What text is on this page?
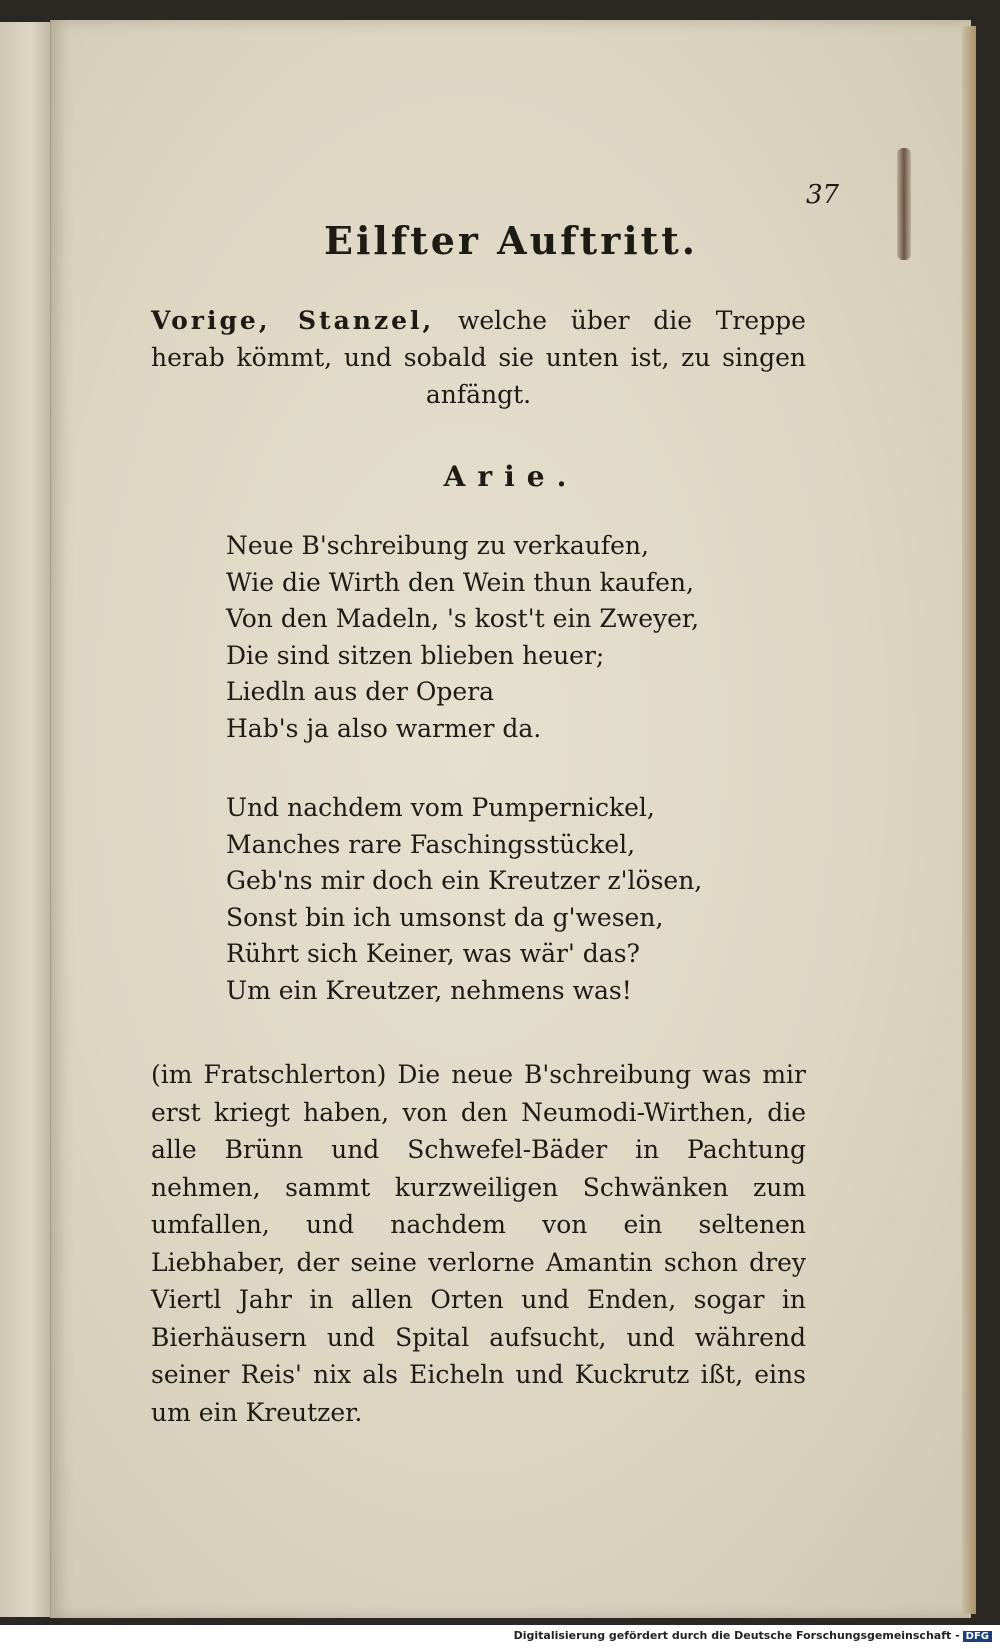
37
Eilfter Auftritt.
Vorige, Stanzel, welche über die Treppe herab kömmt, und sobald sie unten ist, zu singen anfängt.
Arie.
Neue B'schreibung zu verkaufen,
Wie die Wirth den Wein thun kaufen,
Von den Madeln, 's kost't ein Zweyer,
Die sind sitzen blieben heuer;
Liedln aus der Opera
Hab's ja also warmer da.
Und nachdem vom Pumpernickel,
Manches rare Faschingsstückel,
Geb'ns mir doch ein Kreutzer z'lösen,
Sonst bin ich umsonst da g'wesen,
Rührt sich Keiner, was wär' das?
Um ein Kreutzer, nehmens was!
(im Fratschlerton) Die neue B'schreibung was mir erst kriegt haben, von den Neumodi-Wirthen, die alle Brünn und Schwefel-Bäder in Pachtung nehmen, sammt kurzweiligen Schwänken zum umfallen, und nachdem von ein seltenen Liebhaber, der seine verlorne Amantin schon drey Viertl Jahr in allen Orten und Enden, sogar in Bierhäusern und Spital aufsucht, und während seiner Reis' nix als Eicheln und Kuckrutz ißt, eins um ein Kreutzer.
Digitalisierung gefördert durch die Deutsche Forschungsgemeinschaft - DFG
